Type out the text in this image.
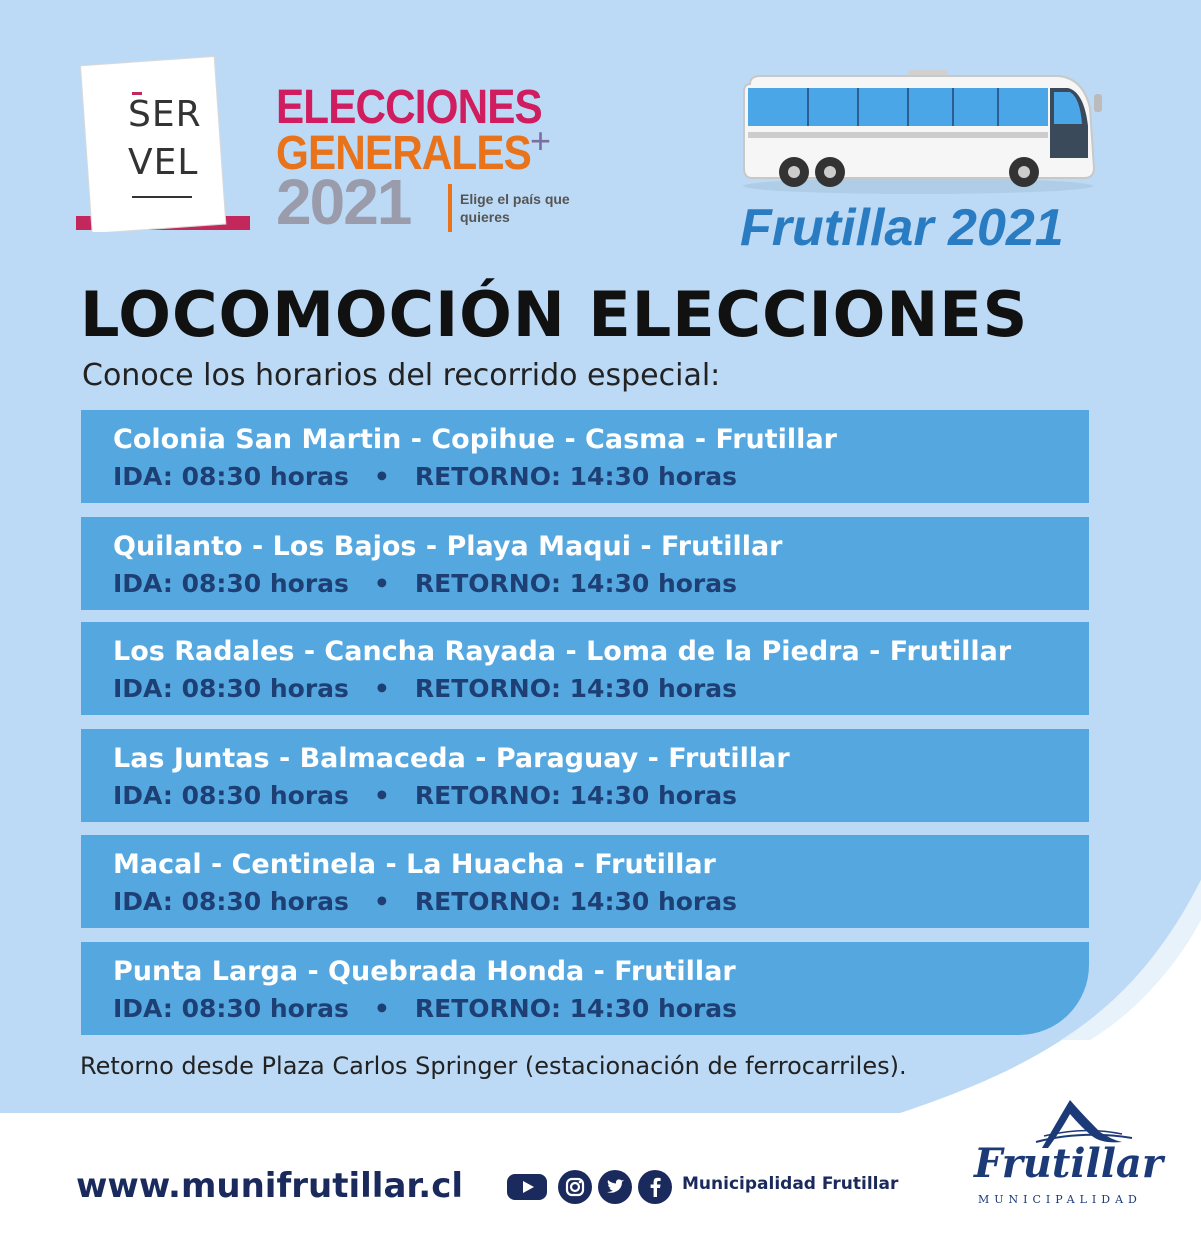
SER
VEL
ELECCIONES
GENERALES +
2021	Elige el país que quieres	Frutillar 2021
LOCOMOCIÓN ELECCIONES
Conoce los horarios del recorrido especial:
Colonia San Martin - Copihue - Casma - Frutillar
IDA: 08:30 horas • RETORNO: 14:30 horas
Quilanto - Los Bajos - Playa Maqui - Frutillar
IDA: 08:30 horas • RETORNO: 14:30 horas
Los Radales - Cancha Rayada - Loma de la Piedra - Frutillar
IDA: 08:30 horas • RETORNO: 14:30 horas
Las Juntas - Balmaceda - Paraguay - Frutillar
IDA: 08:30 horas • RETORNO: 14:30 horas
Macal - Centinela - La Huacha - Frutillar
IDA: 08:30 horas • RETORNO: 14:30 horas
Punta Larga - Quebrada Honda - Frutillar
IDA: 08:30 horas • RETORNO: 14:30 horas
Retorno desde Plaza Carlos Springer (estacionación de ferrocarriles).
www.munifrutillar.cl	Municipalidad Frutillar Frutillar
MUNICIPALIDAD
